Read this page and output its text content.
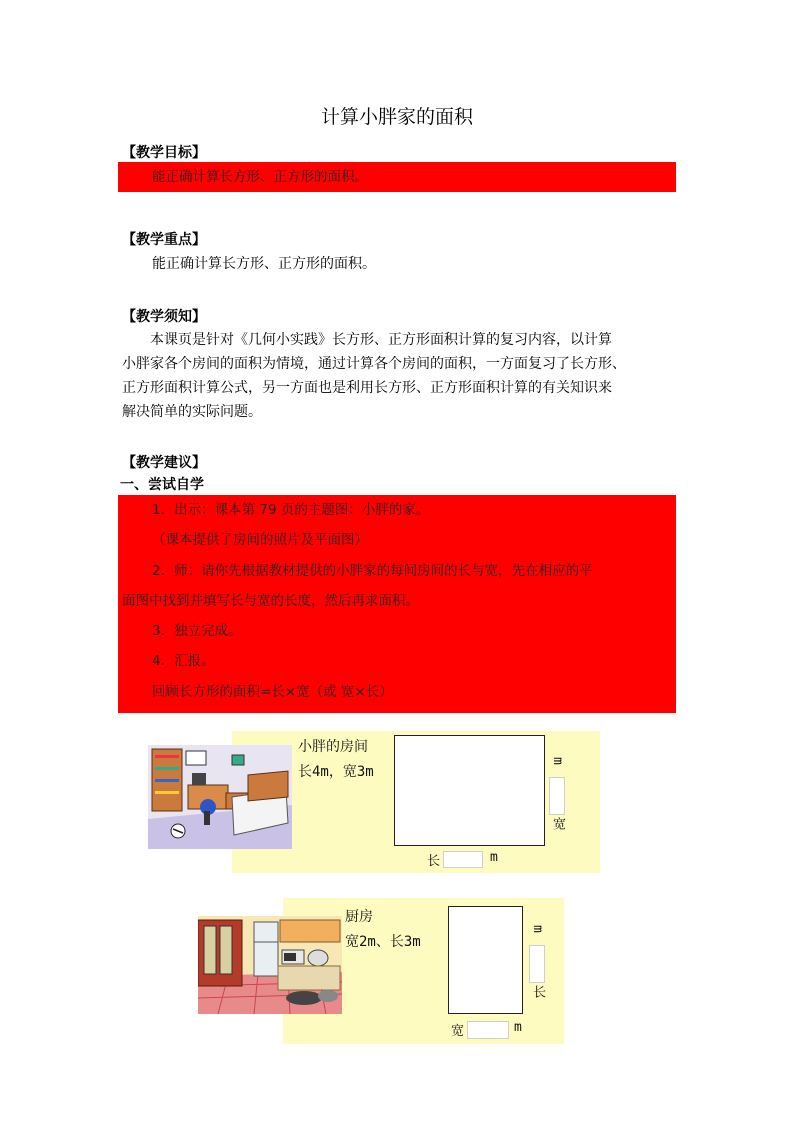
计算小胖家的面积
【教学目标】
能正确计算长方形、正方形的面积。
【教学重点】
能正确计算长方形、正方形的面积。
【教学须知】
本课页是针对《几何小实践》长方形、正方形面积计算的复习内容，以计算
小胖家各个房间的面积为情境，通过计算各个房间的面积，一方面复习了长方形、
正方形面积计算公式，另一方面也是利用长方形、正方形面积计算的有关知识来
解决简单的实际问题。
【教学建议】
一、尝试自学
1．出示：课本第 79 页的主题图：小胖的家。
（课本提供了房间的照片及平面图）
2．师：请你先根据教材提供的小胖家的每间房间的长与宽，先在相应的平
面图中找到并填写长与宽的长度，然后再求面积。
3．独立完成。
4．汇报。
回顾长方形的面积=长×宽（或 宽×长）
小胖的房间
长4m，宽3m
长	m
m
宽
厨房
宽2m、长3m
宽	m
m
长
